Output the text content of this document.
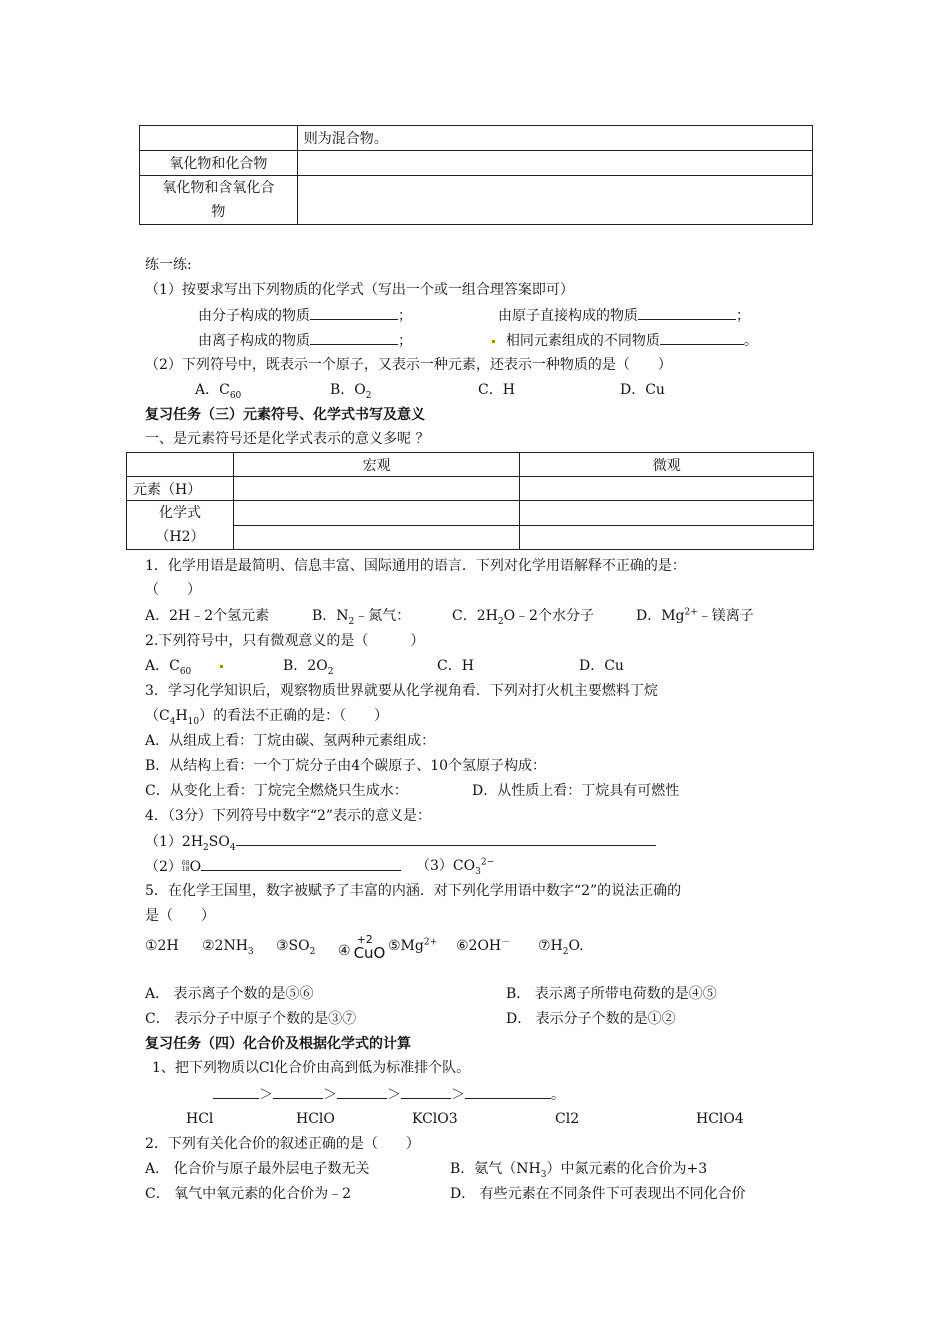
	则为混合物。
氧化物和化合物	
氧化物和含氧化合
物	
练一练:
（1）按要求写出下列物质的化学式（写出一个或一组合理答案即可）
由分子构成的物质	；	由原子直接构成的物质	；
由离子构成的物质	；	相同元素组成的不同物质	。
（2）下列符号中，既表示一个原子，又表示一种元素，还表示一种物质的是（　　）
A．$C_{60}$	B．$O_2$	C．H	D．Cu
复习任务（三）元素符号、化学式书写及意义
一、是元素符号还是化学式表示的意义多呢 ？
	宏观	微观
元素（H）		
化学式
（H2）		

1．化学用语是最简明、信息丰富、国际通用的语言．下列对化学用语解释不正确的是：
（　　）
A．2H﹣2个氢元素	B．$N_2﹣$氮气：	C．$2H_2O﹣2$个水分子	D．$Mg^{2+}﹣$镁离子
2.下列符号中，只有微观意义的是（　　　）
A．$C_{60}$	B．$2O_2$	C．H	D．Cu
3．学习化学知识后，观察物质世界就要从化学视角看．下列对打火机主要燃料丁烷
$(C_4H_{10})$的看法不正确的是：（　　）
A．从组成上看：丁烷由碳、氢两种元素组成：
B．从结构上看：一个丁烷分子由4个碳原子、10个氢原子构成：
C．从变化上看：丁烷完全燃烧只生成水：	D．从性质上看：丁烷具有可燃性
4．（3分）下列符号中数字“2”表示的意义是：
$(1)2H_2SO_4$
（2）68
18O	$(3)CO_3^{2-}$
5．在化学王国里，数字被赋予了丰富的内涵．对下列化学用语中数字“2”的说法正确的
是（　　）
①2H $②2NH_3$ $③SO_2$ ④
+2
CuO $⑤Mg^{2+}$ ⑥2OH－ $⑦H_2O$.
A． 表示离子个数的是⑤⑥	B． 表示离子所带电荷数的是④⑤
C． 表示分子中原子个数的是③⑦	D． 表示分子个数的是①②
复习任务（四）化合价及根据化学式的计算
1、把下列物质以Cl化合价由高到低为标准排个队。
＞	＞	＞	＞	。
HCl	HClO	KClO3	Cl2	HClO4
2．下列有关化合价的叙述正确的是（　　）
A． 化合价与原子最外层电子数无关	B．氨气$(NH_3)$中氮元素的化合价为+3
C． 氧气中氧元素的化合价为﹣2	D． 有些元素在不同条件下可表现出不同化合价
